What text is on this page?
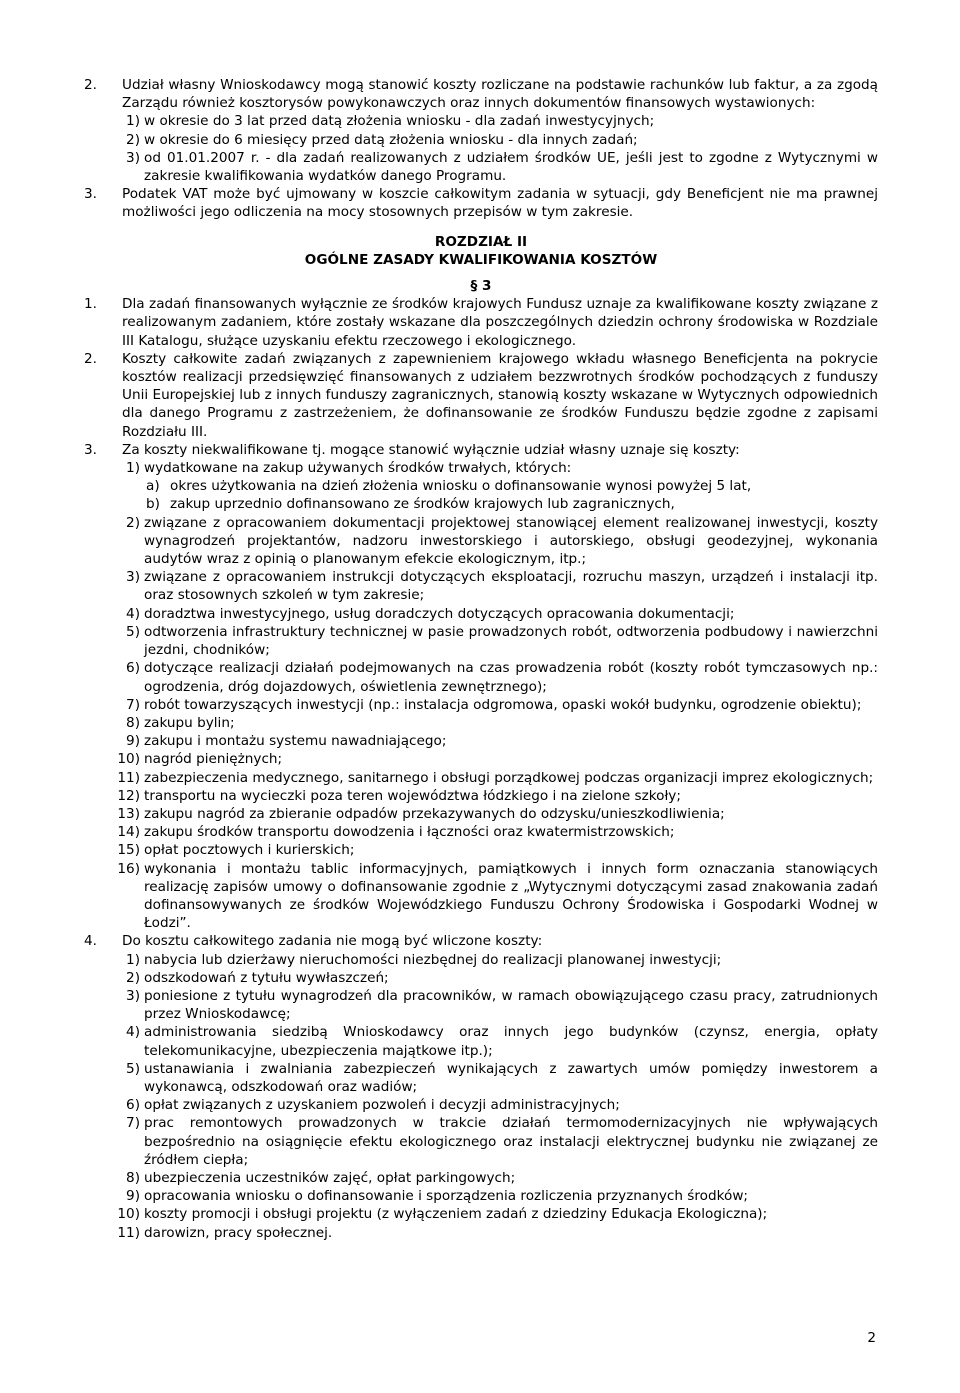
2. Udział własny Wnioskodawcy mogą stanowić koszty rozliczane na podstawie rachunków lub faktur, a za zgodą Zarządu również kosztorysów powykonawczych oraz innych dokumentów finansowych wystawionych:
1) w okresie do 3 lat przed datą złożenia wniosku - dla zadań inwestycyjnych;
2) w okresie do 6 miesięcy przed datą złożenia wniosku - dla innych zadań;
3) od 01.01.2007 r. - dla zadań realizowanych z udziałem środków UE, jeśli jest to zgodne z Wytycznymi w zakresie kwalifikowania wydatków danego Programu.
3. Podatek VAT może być ujmowany w koszcie całkowitym zadania w sytuacji, gdy Beneficjent nie ma prawnej możliwości jego odliczenia na mocy stosownych przepisów w tym zakresie.
ROZDZIAŁ II
OGÓLNE ZASADY KWALIFIKOWANIA KOSZTÓW
§ 3
1. Dla zadań finansowanych wyłącznie ze środków krajowych Fundusz uznaje za kwalifikowane koszty związane z realizowanym zadaniem, które zostały wskazane dla poszczególnych dziedzin ochrony środowiska w Rozdziale III Katalogu, służące uzyskaniu efektu rzeczowego i ekologicznego.
2. Koszty całkowite zadań związanych z zapewnieniem krajowego wkładu własnego Beneficjenta na pokrycie kosztów realizacji przedsięwzięć finansowanych z udziałem bezzwrotnych środków pochodzących z funduszy Unii Europejskiej lub z innych funduszy zagranicznych, stanowią koszty wskazane w Wytycznych odpowiednich dla danego Programu z zastrzeżeniem, że dofinansowanie ze środków Funduszu będzie zgodne z zapisami Rozdziału III.
3. Za koszty niekwalifikowane tj. mogące stanowić wyłącznie udział własny uznaje się koszty:
1) wydatkowane na zakup używanych środków trwałych, których:
a) okres użytkowania na dzień złożenia wniosku o dofinansowanie wynosi powyżej 5 lat,
b) zakup uprzednio dofinansowano ze środków krajowych lub zagranicznych,
2) związane z opracowaniem dokumentacji projektowej stanowiącej element realizowanej inwestycji, koszty wynagrodzeń projektantów, nadzoru inwestorskiego i autorskiego, obsługi geodezyjnej, wykonania audytów wraz z opinią o planowanym efekcie ekologicznym, itp.;
3) związane z opracowaniem instrukcji dotyczących eksploatacji, rozruchu maszyn, urządzeń i instalacji itp. oraz stosownych szkoleń w tym zakresie;
4) doradztwa inwestycyjnego, usług doradczych dotyczących opracowania dokumentacji;
5) odtworzenia infrastruktury technicznej w pasie prowadzonych robót, odtworzenia podbudowy i nawierzchni jezdni, chodników;
6) dotyczące realizacji działań podejmowanych na czas prowadzenia robót (koszty robót tymczasowych np.: ogrodzenia, dróg dojazdowych, oświetlenia zewnętrznego);
7) robót towarzyszących inwestycji (np.: instalacja odgromowa, opaski wokół budynku, ogrodzenie obiektu);
8) zakupu bylin;
9) zakupu i montażu systemu nawadniającego;
10) nagród pieniężnych;
11) zabezpieczenia medycznego, sanitarnego i obsługi porządkowej podczas organizacji imprez ekologicznych;
12) transportu na wycieczki poza teren województwa łódzkiego i na zielone szkoły;
13) zakupu nagród za zbieranie odpadów przekazywanych do odzysku/unieszkodliwienia;
14) zakupu środków transportu dowodzenia i łączności oraz kwatermistrzowskich;
15) opłat pocztowych i kurierskich;
16) wykonania i montażu tablic informacyjnych, pamiątkowych i innych form oznaczania stanowiących realizację zapisów umowy o dofinansowanie zgodnie z „Wytycznymi dotyczącymi zasad znakowania zadań dofinansowywanych ze środków Wojewódzkiego Funduszu Ochrony Środowiska i Gospodarki Wodnej w Łodzi”.
4. Do kosztu całkowitego zadania nie mogą być wliczone koszty:
1) nabycia lub dzierżawy nieruchomości niezbędnej do realizacji planowanej inwestycji;
2) odszkodowań z tytułu wywłaszczeń;
3) poniesione z tytułu wynagrodzeń dla pracowników, w ramach obowiązującego czasu pracy, zatrudnionych przez Wnioskodawcę;
4) administrowania siedzibą Wnioskodawcy oraz innych jego budynków (czynsz, energia, opłaty telekomunikacyjne, ubezpieczenia majątkowe itp.);
5) ustanawiania i zwalniania zabezpieczeń wynikających z zawartych umów pomiędzy inwestorem a wykonawcą, odszkodowań oraz wadiów;
6) opłat związanych z uzyskaniem pozwoleń i decyzji administracyjnych;
7) prac remontowych prowadzonych w trakcie działań termomodernizacyjnych nie wpływających bezpośrednio na osiągnięcie efektu ekologicznego oraz instalacji elektrycznej budynku nie związanej ze źródłem ciepła;
8) ubezpieczenia uczestników zajęć, opłat parkingowych;
9) opracowania wniosku o dofinansowanie i sporządzenia rozliczenia przyznanych środków;
10) koszty promocji i obsługi projektu (z wyłączeniem zadań z dziedziny Edukacja Ekologiczna);
11) darowizn, pracy społecznej.
2
